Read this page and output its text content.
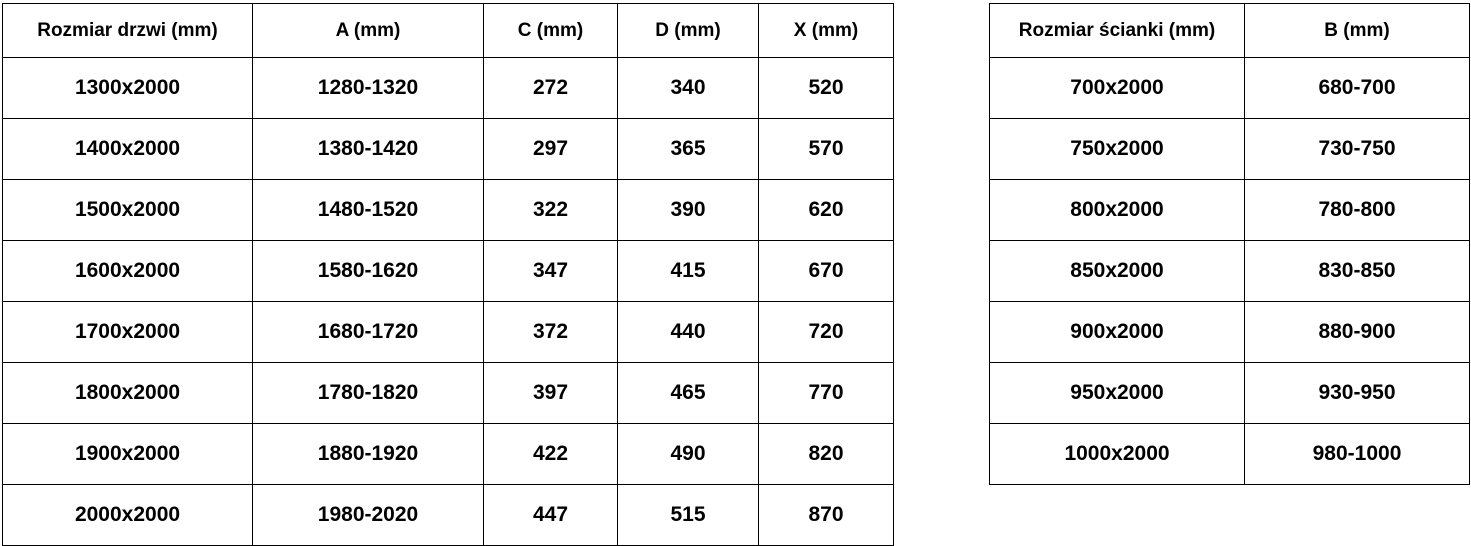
Rozmiar drzwi (mm)	A (mm)	C (mm)	D (mm)	X (mm)
1300x2000	1280-1320	272	340	520
1400x2000	1380-1420	297	365	570
1500x2000	1480-1520	322	390	620
1600x2000	1580-1620	347	415	670
1700x2000	1680-1720	372	440	720
1800x2000	1780-1820	397	465	770
1900x2000	1880-1920	422	490	820
2000x2000	1980-2020	447	515	870
Rozmiar ścianki (mm)	B (mm)
700x2000	680-700
750x2000	730-750
800x2000	780-800
850x2000	830-850
900x2000	880-900
950x2000	930-950
1000x2000	980-1000
